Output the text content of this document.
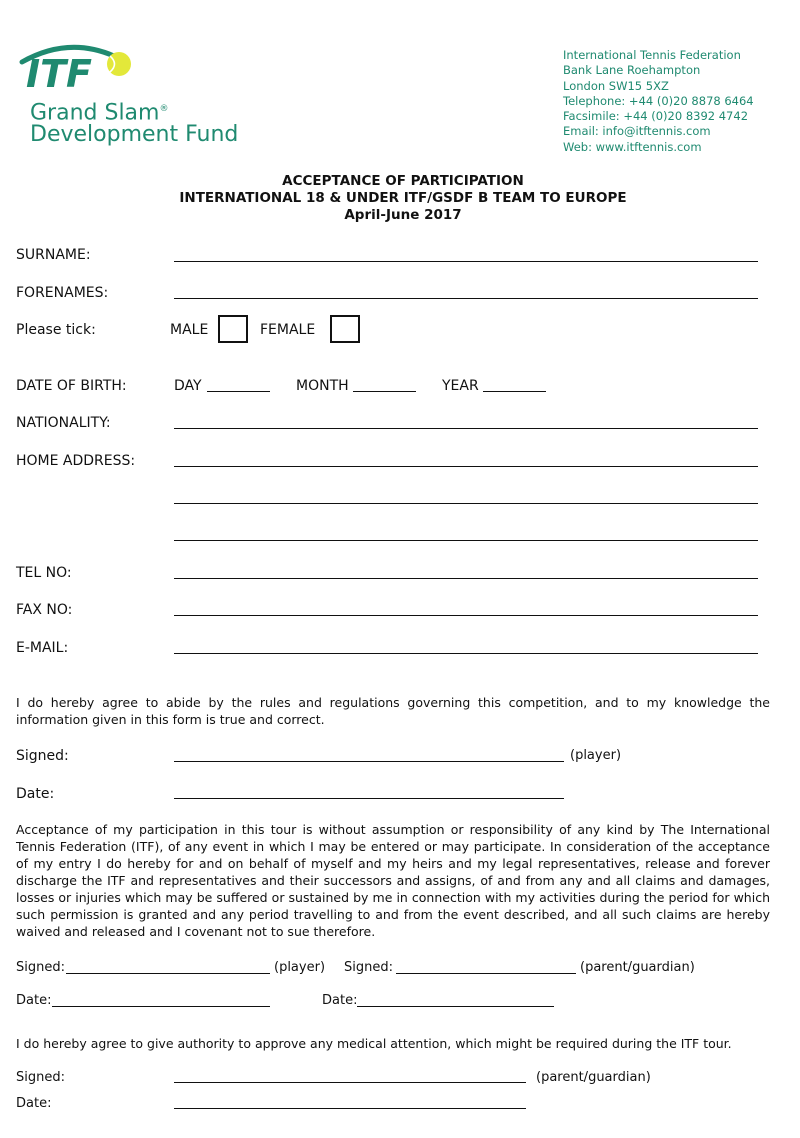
ITF
Grand Slam®
Development Fund
International Tennis Federation
Bank Lane Roehampton
London SW15 5XZ
Telephone: +44 (0)20 8878 6464
Facsimile: +44 (0)20 8392 4742
Email: info@itftennis.com
Web: www.itftennis.com
ACCEPTANCE OF PARTICIPATION
INTERNATIONAL 18 & UNDER ITF/GSDF B TEAM TO EUROPE
April-June 2017
SURNAME:
FORENAMES:
Please tick:	MALE	FEMALE
DATE OF BIRTH:	DAY	MONTH	YEAR
NATIONALITY:
HOME ADDRESS:
TEL NO:
FAX NO:
E-MAIL:
I do hereby agree to abide by the rules and regulations governing this competition, and to my knowledge the information given in this form is true and correct.
Signed:	(player)
Date:
Acceptance of my participation in this tour is without assumption or responsibility of any kind by The International Tennis Federation (ITF), of any event in which I may be entered or may participate. In consideration of the acceptance of my entry I do hereby for and on behalf of myself and my heirs and my legal representatives, release and forever discharge the ITF and representatives and their successors and assigns, of and from any and all claims and damages, losses or injuries which may be suffered or sustained by me in connection with my activities during the period for which such permission is granted and any period travelling to and from the event described, and all such claims are hereby waived and released and I covenant not to sue therefore.
Signed:	(player) Signed:	(parent/guardian)
Date:	Date:
I do hereby agree to give authority to approve any medical attention, which might be required during the ITF tour.
Signed:	(parent/guardian)
Date:
